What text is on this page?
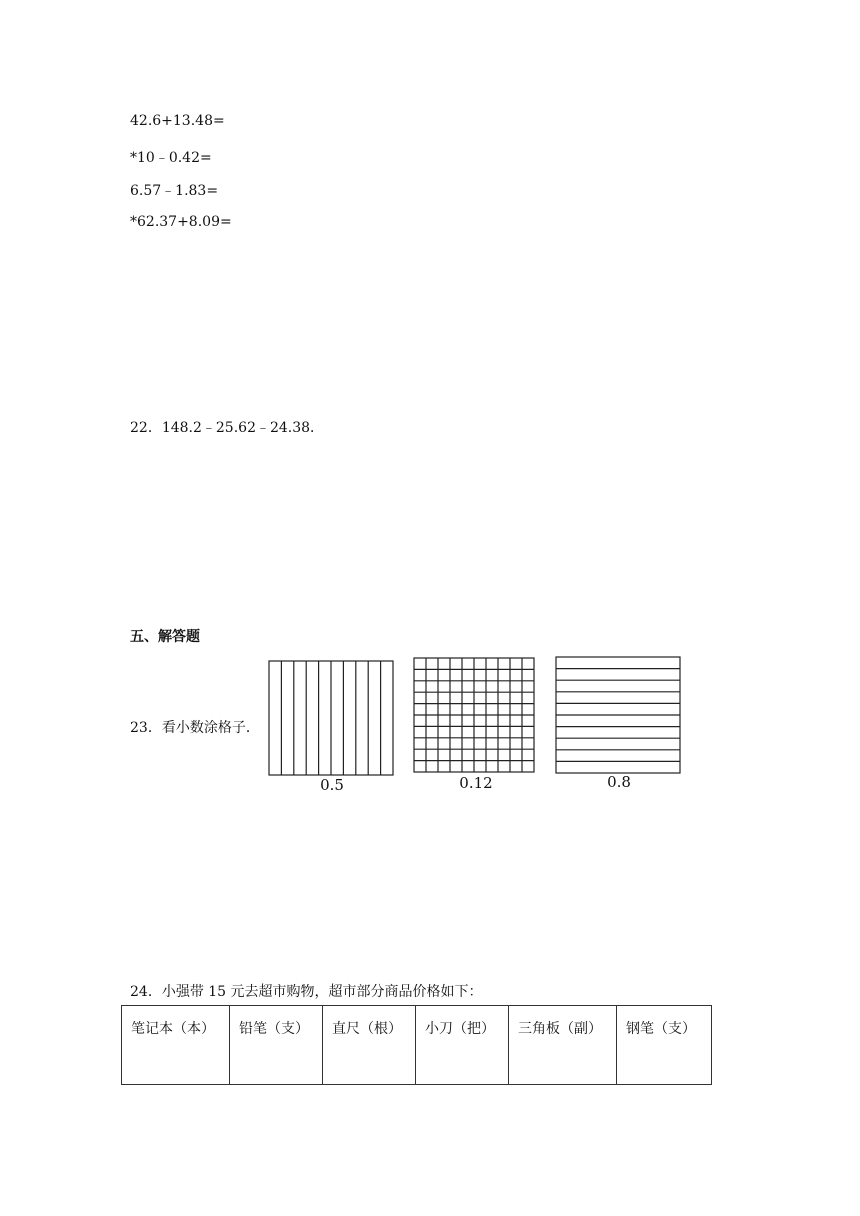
42.6+13.48=
*10﹣0.42=
6.57﹣1.83=
*62.37+8.09=
22．148.2﹣25.62﹣24.38．
五、解答题
23．看小数涂格子．
0.5	0.12	0.8
24．小强带 15 元去超市购物，超市部分商品价格如下：
笔记本（本）	铅笔（支）	直尺（根）	小刀（把）	三角板（副）	钢笔（支）
